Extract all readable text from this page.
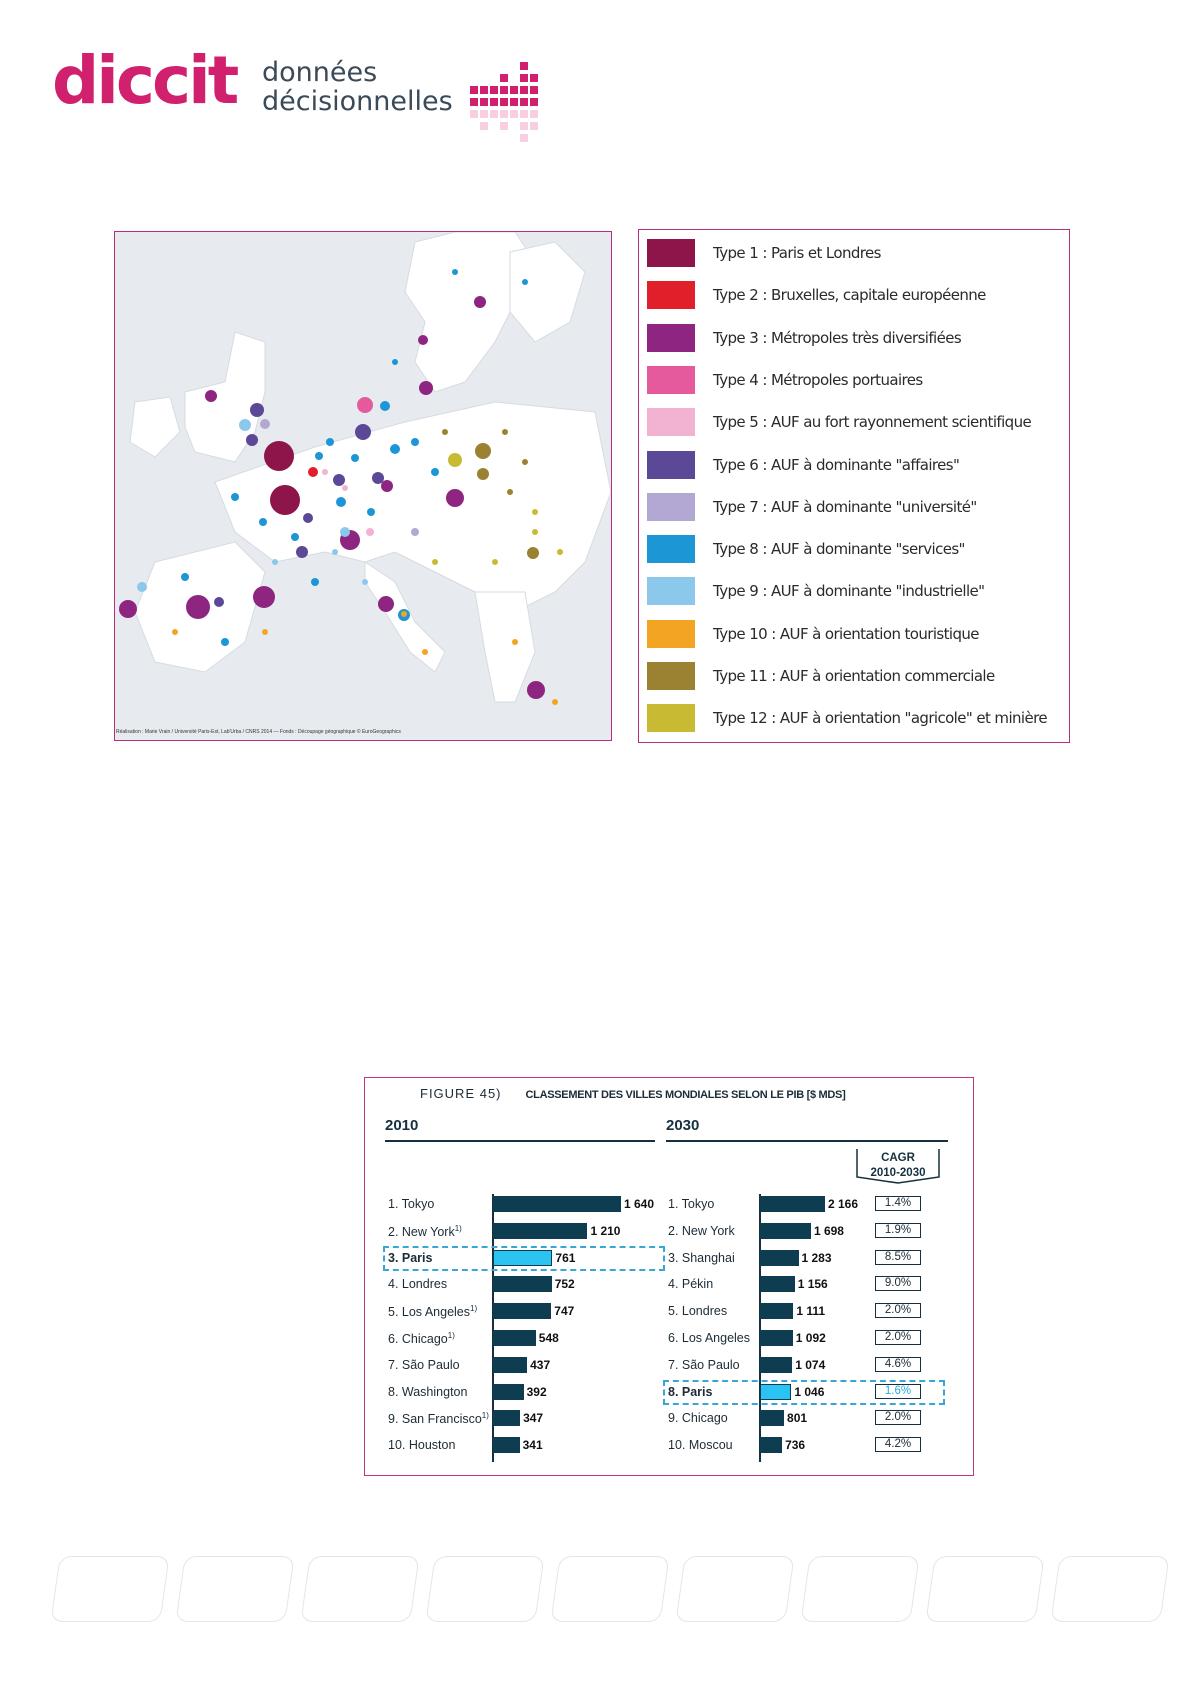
diccit données
décisionnelles
Réalisation : Marie Vrain / Université Paris-Est, Lab'Urba / CNRS 2014 — Fonds : Découpage géographique © EuroGeographics
Type 1 : Paris et Londres
Type 2 : Bruxelles, capitale européenne
Type 3 : Métropoles très diversifiées
Type 4 : Métropoles portuaires
Type 5 : AUF au fort rayonnement scientifique
Type 6 : AUF à dominante "affaires"
Type 7 : AUF à dominante "université"
Type 8 : AUF à dominante "services"
Type 9 : AUF à dominante "industrielle"
Type 10 : AUF à orientation touristique
Type 11 : AUF à orientation commerciale
Type 12 : AUF à orientation "agricole" et minière
FIGURE 45) CLASSEMENT DES VILLES MONDIALES SELON LE PIB [$ MDS]
2010	2030
CAGR
2010-2030
1. Tokyo	1 640
2. New York$^{1)}$	1 210
3. Paris	761
4. Londres	752
5. Los Angeles$^{1)}$	747
6. Chicago$^{1)}$	548
7. São Paulo	437
8. Washington	392
9. San Francisco$^{1)}$	347
10. Houston	341
1. Tokyo	2 166	1.4%
2. New York	1 698	1.9%
3. Shanghai	1 283	8.5%
4. Pékin	1 156	9.0%
5. Londres	1 111	2.0%
6. Los Angeles	1 092	2.0%
7. São Paulo	1 074	4.6%
8. Paris	1 046	1.6%
9. Chicago	801	2.0%
10. Moscou	736	4.2%
